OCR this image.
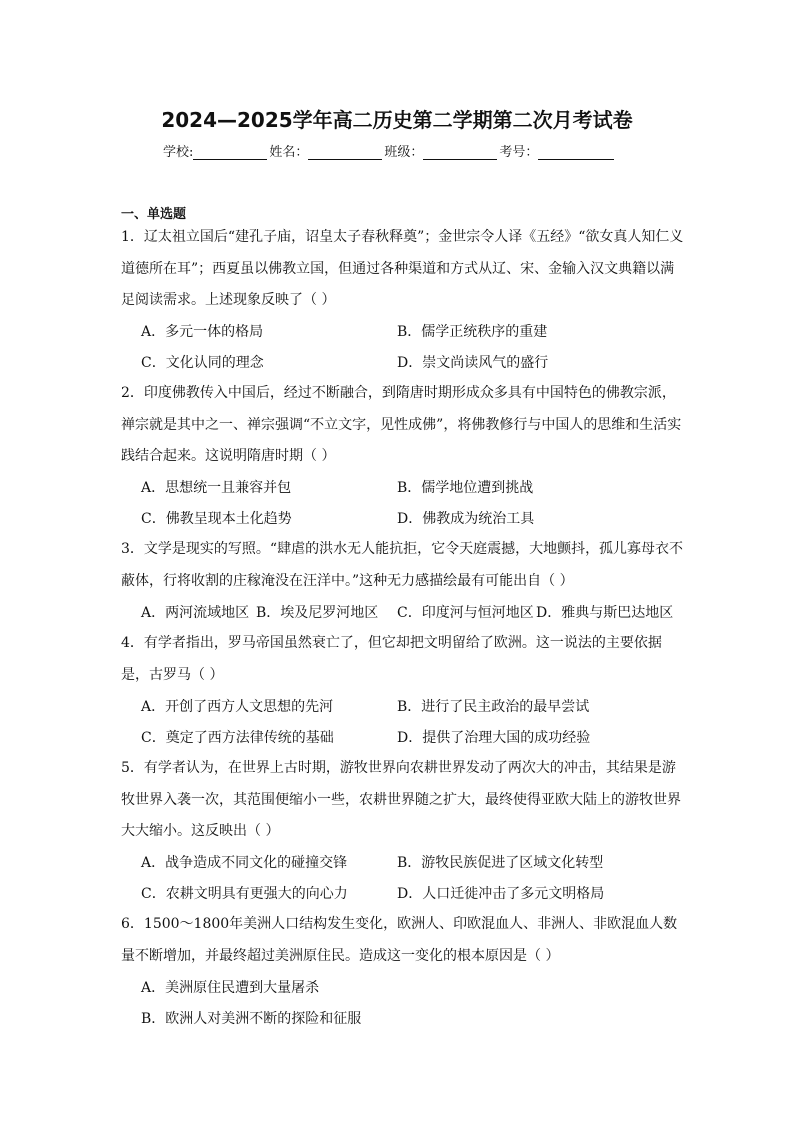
2024—2025学年高二历史第二学期第二次月考试卷
学校:	姓名：	班级：	考号：
一、单选题
1．辽太祖立国后“建孔子庙，诏皇太子春秋释奠”；金世宗令人译《五经》“欲女真人知仁义道德所在耳”；西夏虽以佛教立国，但通过各种渠道和方式从辽、宋、金输入汉文典籍以满足阅读需求。上述现象反映了（ ）
A．多元一体的格局	B．儒学正统秩序的重建
C．文化认同的理念	D．崇文尚读风气的盛行
2．印度佛教传入中国后，经过不断融合，到隋唐时期形成众多具有中国特色的佛教宗派，禅宗就是其中之一、禅宗强调“不立文字，见性成佛”，将佛教修行与中国人的思维和生活实践结合起来。这说明隋唐时期（ ）
A．思想统一且兼容并包	B．儒学地位遭到挑战
C．佛教呈现本土化趋势	D．佛教成为统治工具
3．文学是现实的写照。“肆虐的洪水无人能抗拒，它令天庭震撼，大地颤抖，孤儿寡母衣不蔽体，行将收割的庄稼淹没在汪洋中。”这种无力感描绘最有可能出自（ ）
A．两河流域地区 B．埃及尼罗河地区 C．印度河与恒河地区 D．雅典与斯巴达地区
4．有学者指出，罗马帝国虽然衰亡了，但它却把文明留给了欧洲。这一说法的主要依据是，古罗马（ ）
A．开创了西方人文思想的先河	B．进行了民主政治的最早尝试
C．奠定了西方法律传统的基础	D．提供了治理大国的成功经验
5．有学者认为，在世界上古时期，游牧世界向农耕世界发动了两次大的冲击，其结果是游牧世界入袭一次，其范围便缩小一些，农耕世界随之扩大，最终使得亚欧大陆上的游牧世界大大缩小。这反映出（ ）
A．战争造成不同文化的碰撞交锋	B．游牧民族促进了区域文化转型
C．农耕文明具有更强大的向心力	D．人口迁徙冲击了多元文明格局
6．1500～1800年美洲人口结构发生变化，欧洲人、印欧混血人、非洲人、非欧混血人数量不断增加，并最终超过美洲原住民。造成这一变化的根本原因是（ ）
A．美洲原住民遭到大量屠杀
B．欧洲人对美洲不断的探险和征服
